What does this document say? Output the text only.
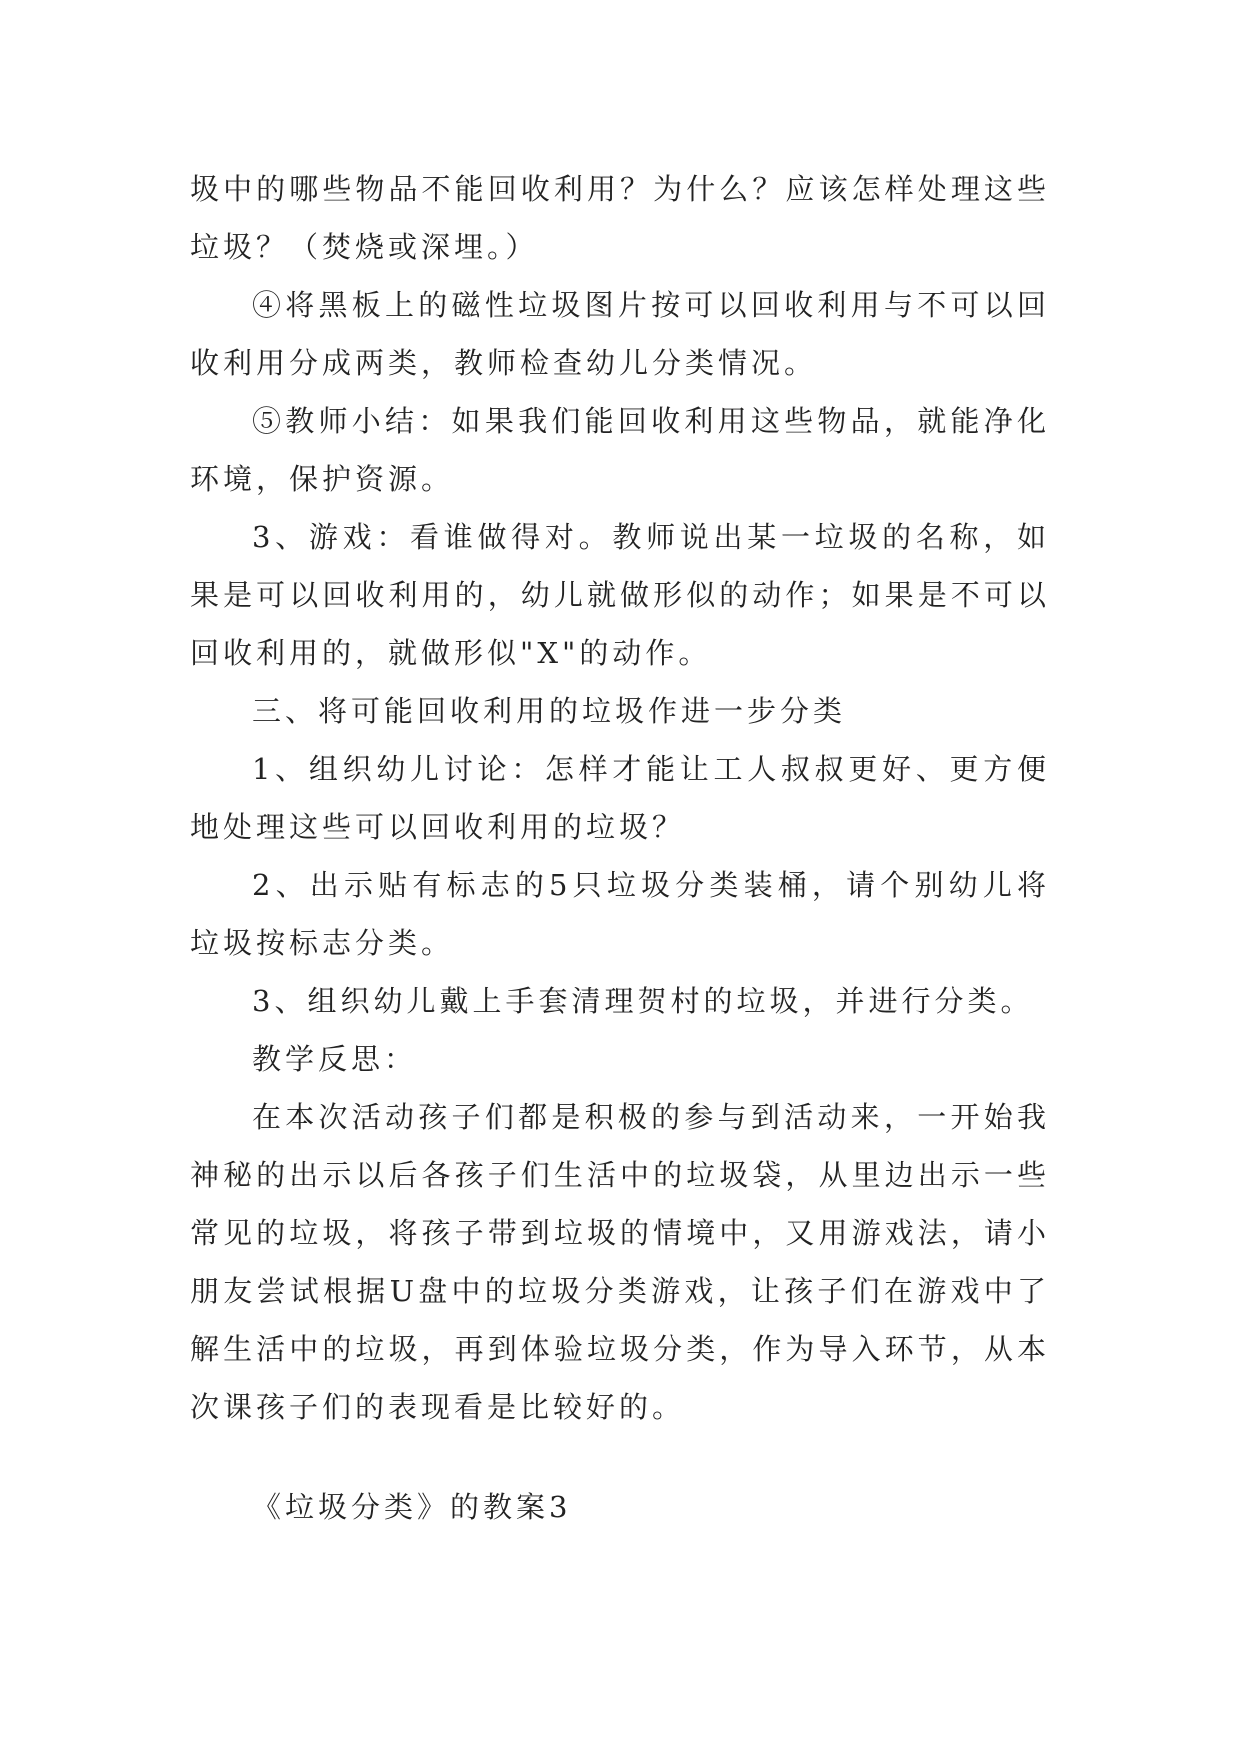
圾中的哪些物品不能回收利用？为什么？应该怎样处理这些垃圾？（焚烧或深埋。）

④将黑板上的磁性垃圾图片按可以回收利用与不可以回收利用分成两类，教师检查幼儿分类情况。

⑤教师小结：如果我们能回收利用这些物品，就能净化环境，保护资源。

3、游戏：看谁做得对。教师说出某一垃圾的名称，如果是可以回收利用的，幼儿就做形似的动作；如果是不可以回收利用的，就做形似"X"的动作。

三、将可能回收利用的垃圾作进一步分类

1、组织幼儿讨论：怎样才能让工人叔叔更好、更方便地处理这些可以回收利用的垃圾？

2、出示贴有标志的5只垃圾分类装桶，请个别幼儿将垃圾按标志分类。

3、组织幼儿戴上手套清理贺村的垃圾，并进行分类。

教学反思：

在本次活动孩子们都是积极的参与到活动来，一开始我神秘的出示以后各孩子们生活中的垃圾袋，从里边出示一些常见的垃圾，将孩子带到垃圾的情境中，又用游戏法，请小朋友尝试根据U盘中的垃圾分类游戏，让孩子们在游戏中了解生活中的垃圾，再到体验垃圾分类，作为导入环节，从本次课孩子们的表现看是比较好的。

《垃圾分类》的教案3
